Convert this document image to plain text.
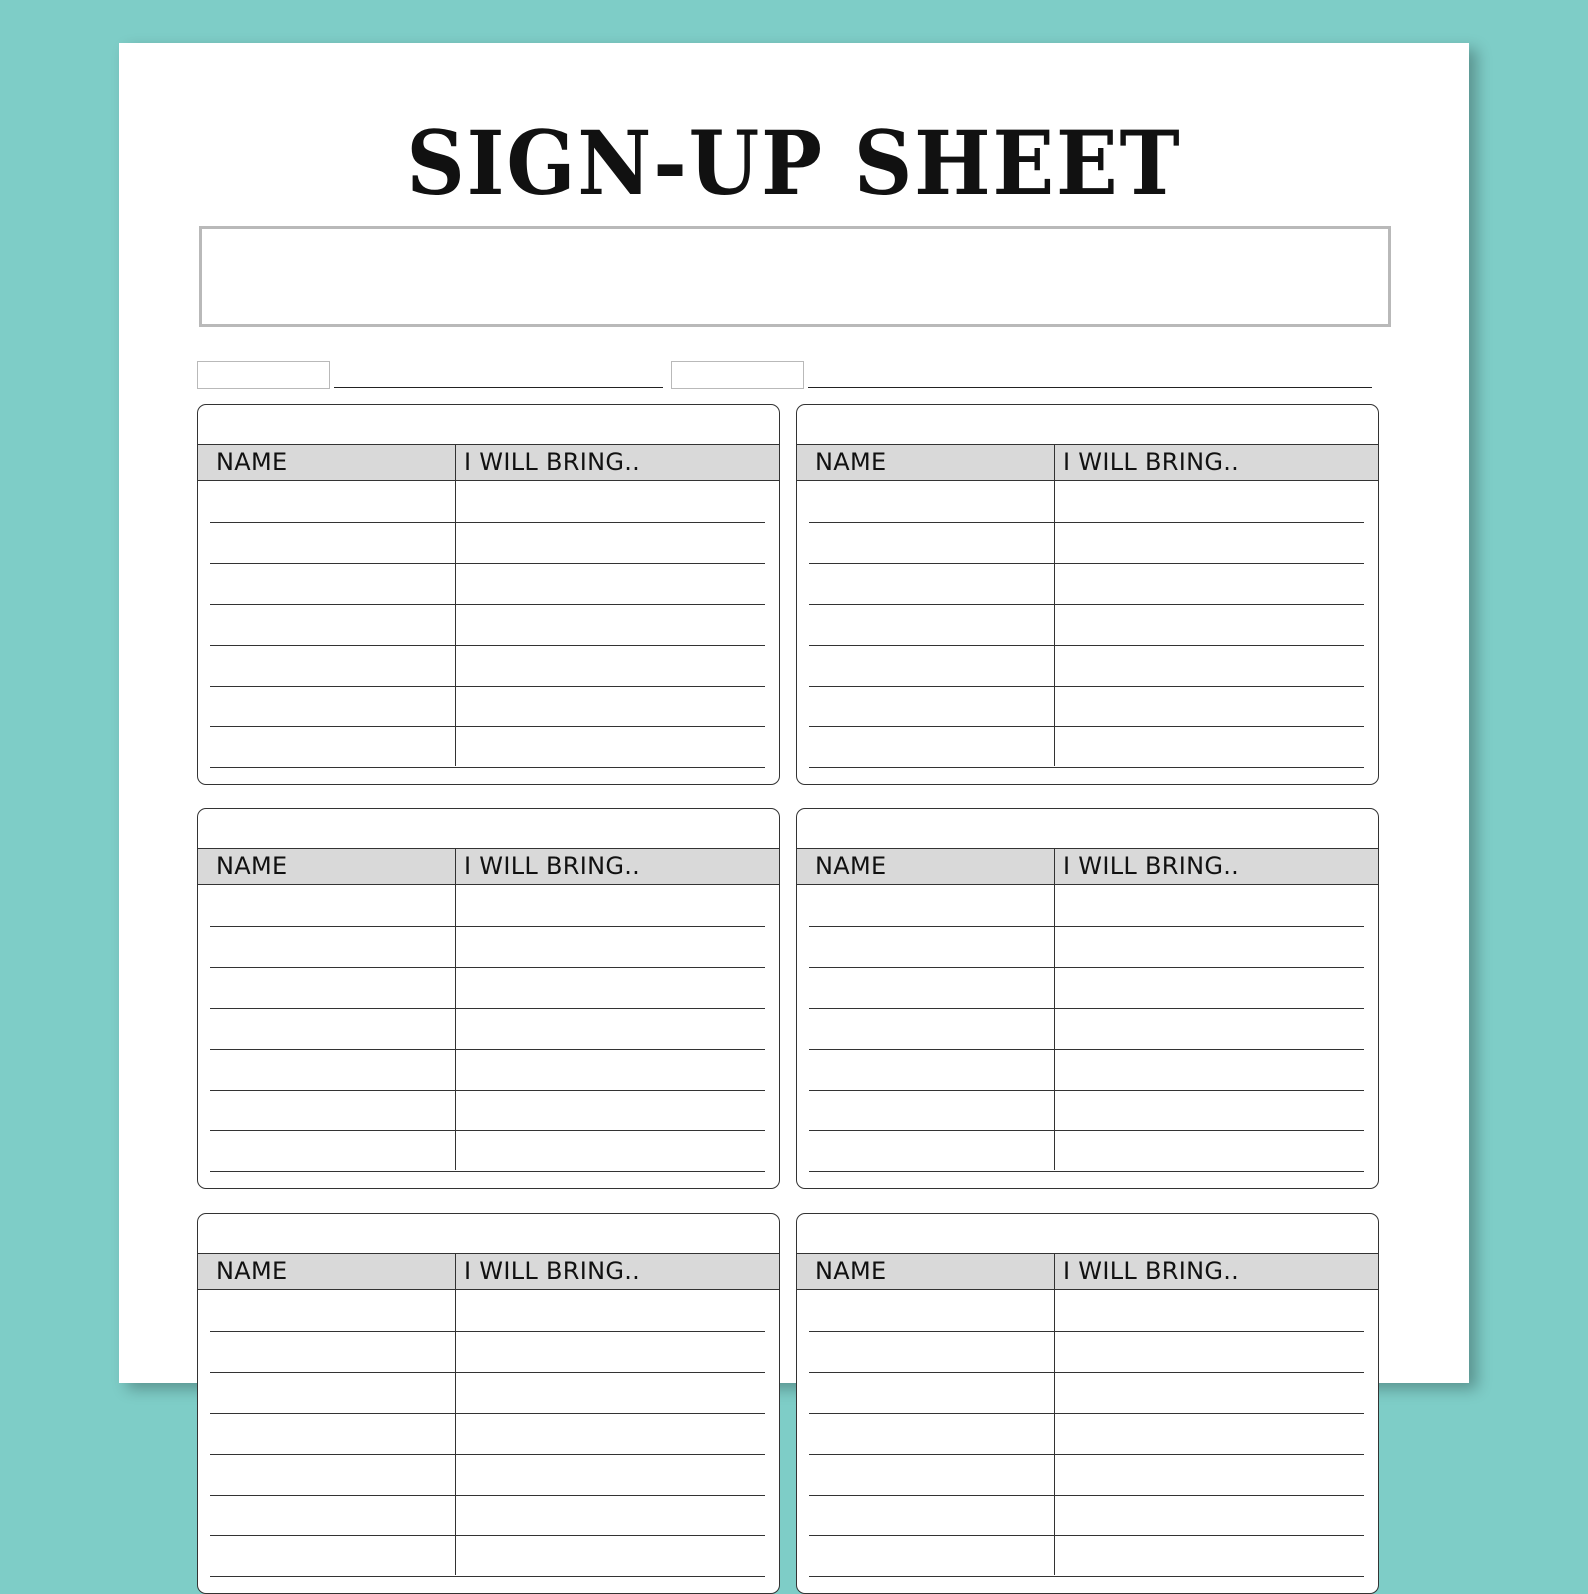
SIGN-UP SHEET
NAME	I WILL BRING..	NAME	I WILL BRING..
NAME	I WILL BRING..	NAME	I WILL BRING..
NAME	I WILL BRING..	NAME	I WILL BRING..
